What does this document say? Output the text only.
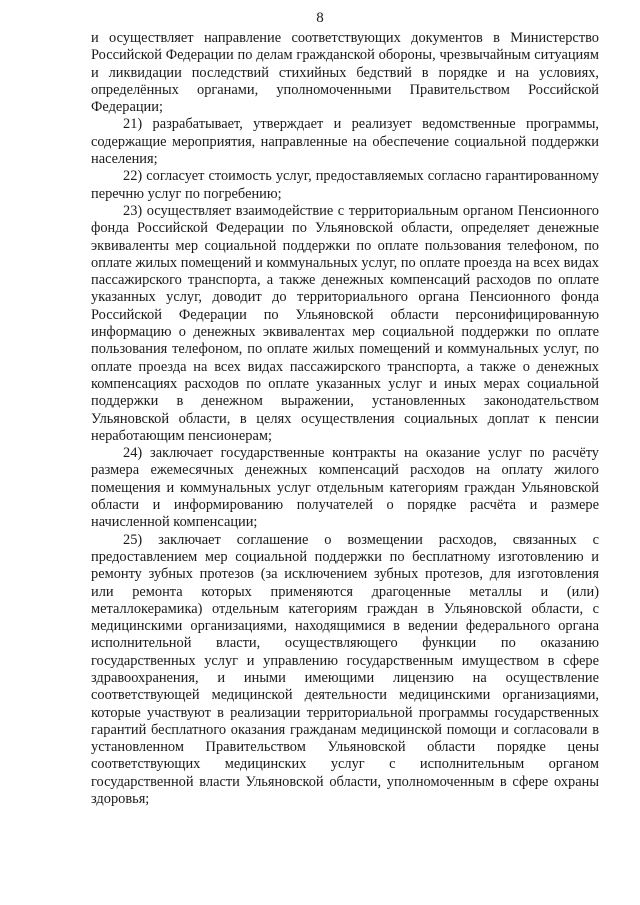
8

и осуществляет направление соответствующих документов в Министерство Российской Федерации по делам гражданской обороны, чрезвычайным ситуациям и ликвидации последствий стихийных бедствий в порядке и на условиях, определённых органами, уполномоченными Правительством Российской Федерации;

21) разрабатывает, утверждает и реализует ведомственные программы, содержащие мероприятия, направленные на обеспечение социальной поддержки населения;

22) согласует стоимость услуг, предоставляемых согласно гарантированному перечню услуг по погребению;

23) осуществляет взаимодействие с территориальным органом Пенсионного фонда Российской Федерации по Ульяновской области, определяет денежные эквиваленты мер социальной поддержки по оплате пользования телефоном, по оплате жилых помещений и коммунальных услуг, по оплате проезда на всех видах пассажирского транспорта, а также денежных компенсаций расходов по оплате указанных услуг, доводит до территориального органа Пенсионного фонда Российской Федерации по Ульяновской области персонифицированную информацию о денежных эквивалентах мер социальной поддержки по оплате пользования телефоном, по оплате жилых помещений и коммунальных услуг, по оплате проезда на всех видах пассажирского транспорта, а также о денежных компенсациях расходов по оплате указанных услуг и иных мерах социальной поддержки в денежном выражении, установленных законодательством Ульяновской области, в целях осуществления социальных доплат к пенсии неработающим пенсионерам;

24) заключает государственные контракты на оказание услуг по расчёту размера ежемесячных денежных компенсаций расходов на оплату жилого помещения и коммунальных услуг отдельным категориям граждан Ульяновской области и информированию получателей о порядке расчёта и размере начисленной компенсации;

25) заключает соглашение о возмещении расходов, связанных с предоставлением мер социальной поддержки по бесплатному изготовлению и ремонту зубных протезов (за исключением зубных протезов, для изготовления или ремонта которых применяются драгоценные металлы и (или) металлокерамика) отдельным категориям граждан в Ульяновской области, с медицинскими организациями, находящимися в ведении федерального органа исполнительной власти, осуществляющего функции по оказанию государственных услуг и управлению государственным имуществом в сфере здравоохранения, и иными имеющими лицензию на осуществление соответствующей медицинской деятельности медицинскими организациями, которые участвуют в реализации территориальной программы государственных гарантий бесплатного оказания гражданам медицинской помощи и согласовали в установленном Правительством Ульяновской области порядке цены соответствующих медицинских услуг с исполнительным органом государственной власти Ульяновской области, уполномоченным в сфере охраны здоровья;
